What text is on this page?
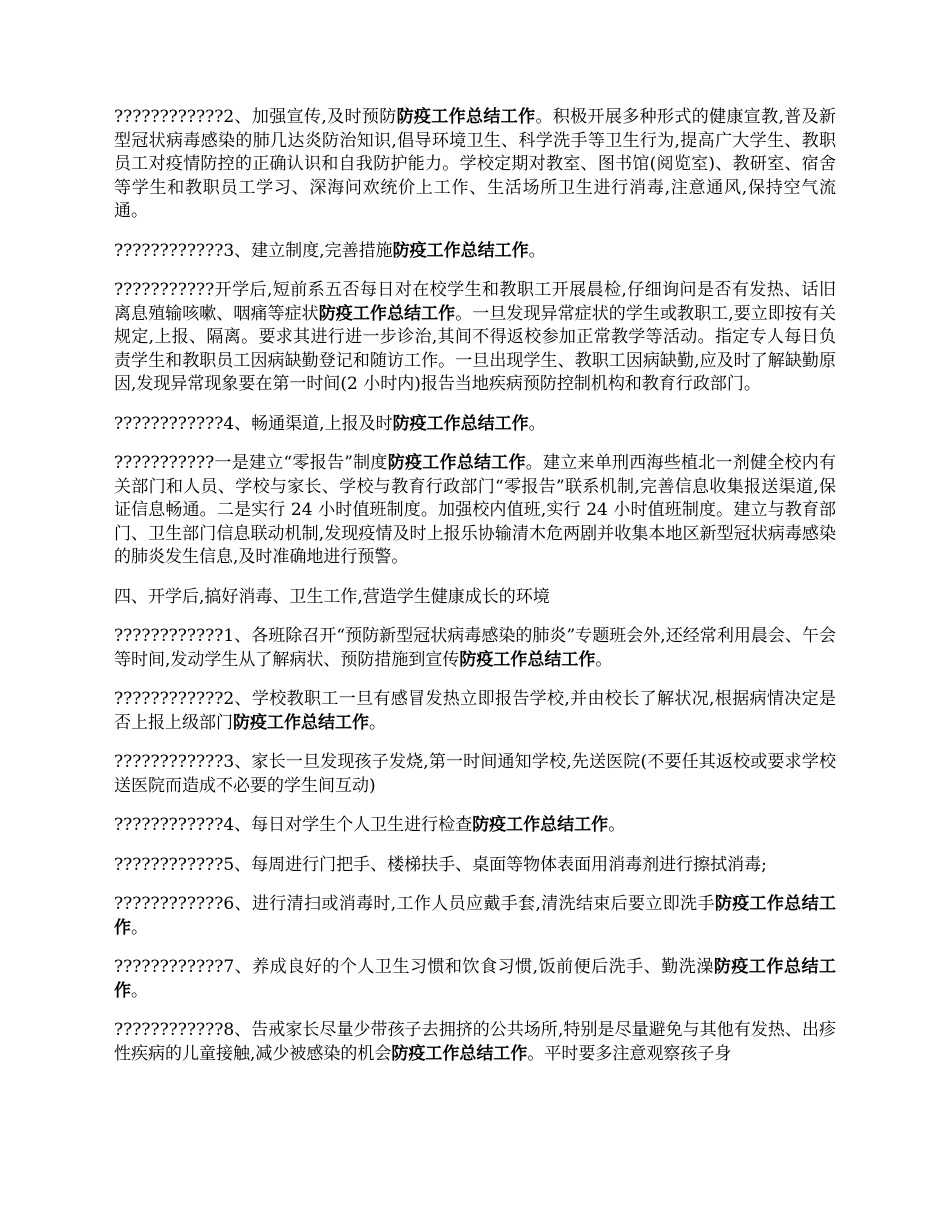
????????????2、加强宣传,及时预防防疫工作总结工作。积极开展多种形式的健康宣教,普及新型冠状病毒感染的肺几达炎防治知识,倡导环境卫生、科学洗手等卫生行为,提高广大学生、教职员工对疫情防控的正确认识和自我防护能力。学校定期对教室、图书馆(阅览室)、教研室、宿舍等学生和教职员工学习、深海问欢统价上工作、生活场所卫生进行消毒,注意通风,保持空气流通。

????????????3、建立制度,完善措施防疫工作总结工作。

???????????开学后,短前系五否每日对在校学生和教职工开展晨检,仔细询问是否有发热、话旧离息殖输咳嗽、咽痛等症状防疫工作总结工作。一旦发现异常症状的学生或教职工,要立即按有关规定,上报、隔离。要求其进行进一步诊治,其间不得返校参加正常教学等活动。指定专人每日负责学生和教职员工因病缺勤登记和随访工作。一旦出现学生、教职工因病缺勤,应及时了解缺勤原因,发现异常现象要在第一时间(2 小时内)报告当地疾病预防控制机构和教育行政部门。

????????????4、畅通渠道,上报及时防疫工作总结工作。

???????????一是建立“零报告”制度防疫工作总结工作。建立来单刑西海些植北一剂健全校内有关部门和人员、学校与家长、学校与教育行政部门“零报告”联系机制,完善信息收集报送渠道,保证信息畅通。二是实行 24 小时值班制度。加强校内值班,实行 24 小时值班制度。建立与教育部门、卫生部门信息联动机制,发现疫情及时上报乐协输清木危两剧并收集本地区新型冠状病毒感染的肺炎发生信息,及时准确地进行预警。

四、开学后,搞好消毒、卫生工作,营造学生健康成长的环境

????????????1、各班除召开“预防新型冠状病毒感染的肺炎”专题班会外,还经常利用晨会、午会等时间,发动学生从了解病状、预防措施到宣传防疫工作总结工作。

????????????2、学校教职工一旦有感冒发热立即报告学校,并由校长了解状况,根据病情决定是否上报上级部门防疫工作总结工作。

????????????3、家长一旦发现孩子发烧,第一时间通知学校,先送医院(不要任其返校或要求学校送医院而造成不必要的学生间互动)

????????????4、每日对学生个人卫生进行检查防疫工作总结工作。

????????????5、每周进行门把手、楼梯扶手、桌面等物体表面用消毒剂进行擦拭消毒;

????????????6、进行清扫或消毒时,工作人员应戴手套,清洗结束后要立即洗手防疫工作总结工作。

????????????7、养成良好的个人卫生习惯和饮食习惯,饭前便后洗手、勤洗澡防疫工作总结工作。

????????????8、告戒家长尽量少带孩子去拥挤的公共场所,特别是尽量避免与其他有发热、出疹性疾病的儿童接触,减少被感染的机会防疫工作总结工作。平时要多注意观察孩子身
